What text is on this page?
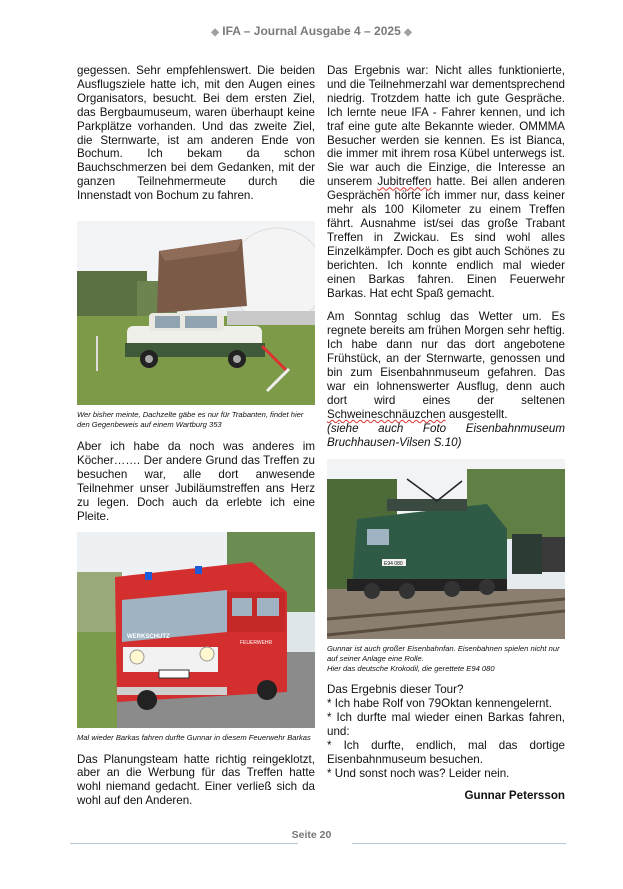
◆ IFA – Journal Ausgabe 4 – 2025 ◆

gegessen. Sehr empfehlenswert. Die beiden Ausflugsziele hatte ich, mit den Augen eines Organisators, besucht. Bei dem ersten Ziel, das Bergbaumuseum, waren überhaupt keine Parkplätze vorhanden. Und das zweite Ziel, die Sternwarte, ist am anderen Ende von Bochum. Ich bekam da schon Bauchschmerzen bei dem Gedanken, mit der ganzen Teilnehmermeute durch die Innenstadt von Bochum zu fahren.

Wer bisher meinte, Dachzelte gäbe es nur für Trabanten, findet hier den Gegenbeweis auf einem Wartburg 353

Aber ich habe da noch was anderes im Köcher……. Der andere Grund das Treffen zu besuchen war, alle dort anwesende Teilnehmer unser Jubiläumstreffen ans Herz zu legen. Doch auch da erlebte ich eine Pleite.

WERKSCHUTZ
FEUERWEHR

Mal wieder Barkas fahren durfte Gunnar in diesem Feuerwehr Barkas

Das Planungsteam hatte richtig reingeklotzt, aber an die Werbung für das Treffen hatte wohl niemand gedacht. Einer verließ sich da wohl auf den Anderen.

Das Ergebnis war: Nicht alles funktionierte, und die Teilnehmerzahl war dementsprechend niedrig. Trotzdem hatte ich gute Gespräche. Ich lernte neue IFA - Fahrer kennen, und ich traf eine gute alte Bekannte wieder. OMMMA Besucher werden sie kennen. Es ist Bianca, die immer mit ihrem rosa Kübel unterwegs ist. Sie war auch die Einzige, die Interesse an unserem Jubitreffen hatte. Bei allen anderen Gesprächen hörte ich immer nur, dass keiner mehr als 100 Kilometer zu einem Treffen fährt. Ausnahme ist/sei das große Trabant Treffen in Zwickau. Es sind wohl alles Einzelkämpfer. Doch es gibt auch Schönes zu berichten. Ich konnte endlich mal wieder einen Barkas fahren. Einen Feuerwehr Barkas. Hat echt Spaß gemacht.

Am Sonntag schlug das Wetter um. Es regnete bereits am frühen Morgen sehr heftig. Ich habe dann nur das dort angebotene Frühstück, an der Sternwarte, genossen und bin zum Eisenbahnmuseum gefahren. Das war ein lohnenswerter Ausflug, denn auch dort wird eines der seltenen Schweineschnäuzchen ausgestellt.

(siehe auch Foto Eisenbahnmuseum Bruchhausen-Vilsen S.10)

E94 080

Gunnar ist auch großer Eisenbahnfan. Eisenbahnen spielen nicht nur auf seiner Anlage eine Rolle.
Hier das deutsche Krokodil, die gerettete E94 080

Das Ergebnis dieser Tour?

* Ich habe Rolf von 79Oktan kennengelernt.

* Ich durfte mal wieder einen Barkas fahren, und:

* Ich durfte, endlich, mal das dortige Eisenbahnmuseum besuchen.

* Und sonst noch was? Leider nein.

Gunnar Petersson

Seite 20
